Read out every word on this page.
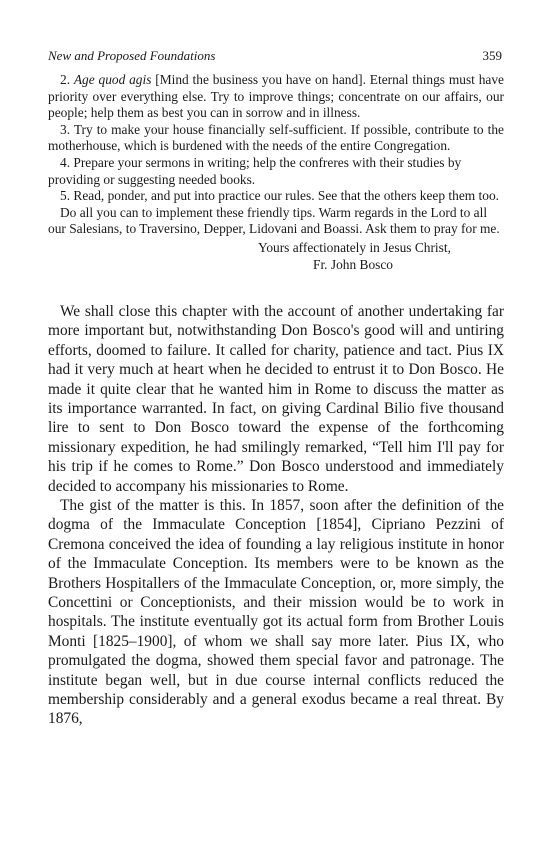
New and Proposed Foundations	359

2. Age quod agis [Mind the business you have on hand]. Eternal things must have priority over everything else. Try to improve things; concentrate on our affairs, our people; help them as best you can in sorrow and in illness.

3. Try to make your house financially self-sufficient. If possible, contribute to the motherhouse, which is burdened with the needs of the entire Congregation.

4. Prepare your sermons in writing; help the confreres with their studies by providing or suggesting needed books.

5. Read, ponder, and put into practice our rules. See that the others keep them too.

Do all you can to implement these friendly tips. Warm regards in the Lord to all our Salesians, to Traversino, Depper, Lidovani and Boassi. Ask them to pray for me.

Yours affectionately in Jesus Christ,
Fr. John Bosco

We shall close this chapter with the account of another undertaking far more important but, notwithstanding Don Bosco's good will and untiring efforts, doomed to failure. It called for charity, patience and tact. Pius IX had it very much at heart when he decided to entrust it to Don Bosco. He made it quite clear that he wanted him in Rome to discuss the matter as its importance warranted. In fact, on giving Cardinal Bilio five thousand lire to sent to Don Bosco toward the expense of the forthcoming missionary expedition, he had smilingly remarked, “Tell him I'll pay for his trip if he comes to Rome.” Don Bosco understood and immediately decided to accompany his missionaries to Rome.

The gist of the matter is this. In 1857, soon after the definition of the dogma of the Immaculate Conception [1854], Cipriano Pezzini of Cremona conceived the idea of founding a lay religious institute in honor of the Immaculate Conception. Its members were to be known as the Brothers Hospitallers of the Immaculate Conception, or, more simply, the Concettini or Conceptionists, and their mission would be to work in hospitals. The institute eventually got its actual form from Brother Louis Monti [1825–1900], of whom we shall say more later. Pius IX, who promulgated the dogma, showed them special favor and patronage. The institute began well, but in due course internal conflicts reduced the membership considerably and a general exodus became a real threat. By 1876,
